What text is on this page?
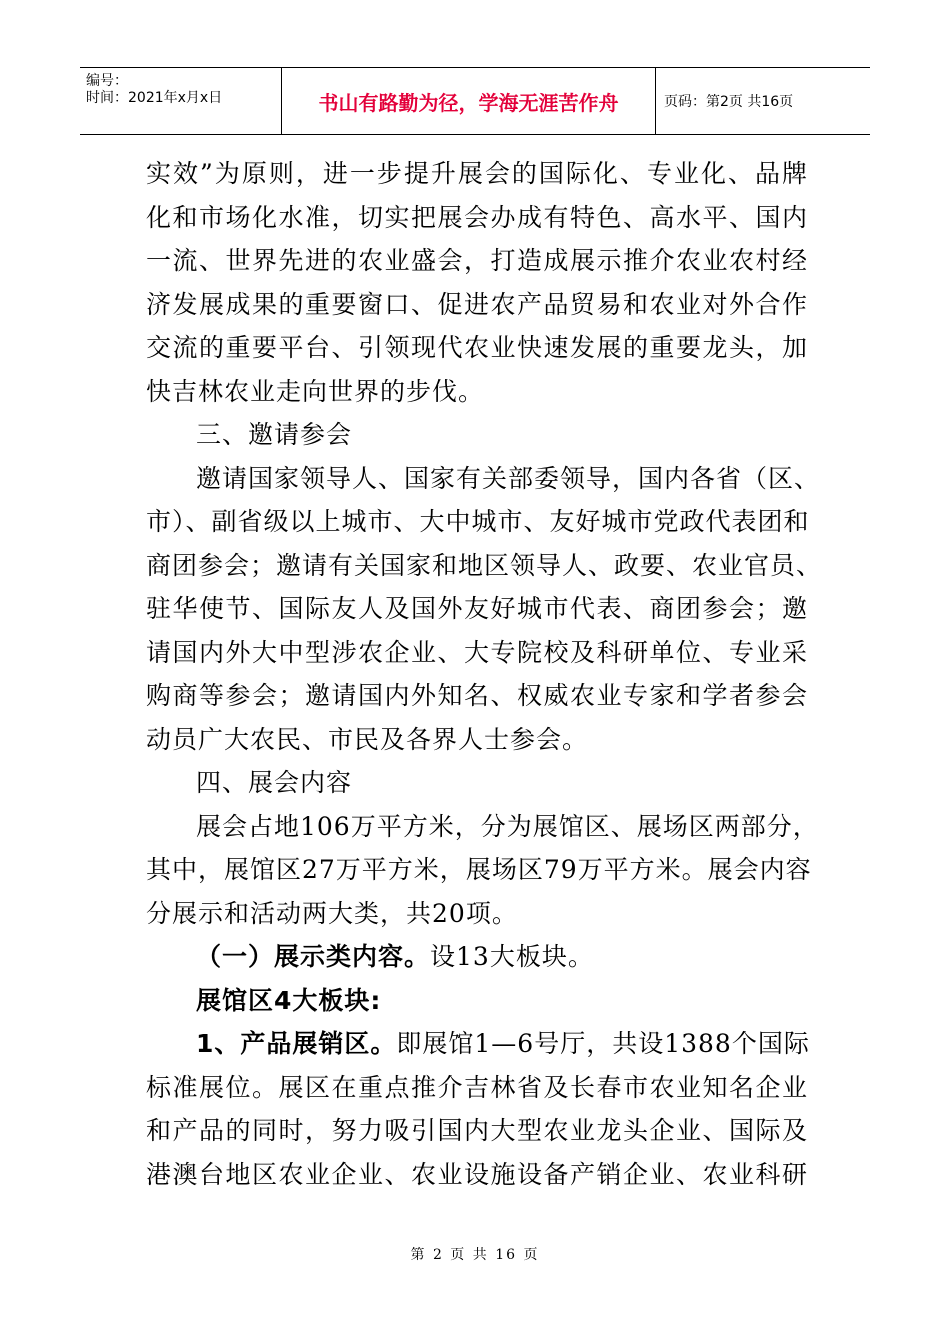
编号：
时间：2021年x月x日	书山有路勤为径，学海无涯苦作舟	页码：第2页 共16页
实效”为原则，进一步提升展会的国际化、专业化、品牌
化和市场化水准，切实把展会办成有特色、高水平、国内
一流、世界先进的农业盛会，打造成展示推介农业农村经
济发展成果的重要窗口、促进农产品贸易和农业对外合作
交流的重要平台、引领现代农业快速发展的重要龙头，加
快吉林农业走向世界的步伐。
三、邀请参会
邀请国家领导人、国家有关部委领导，国内各省（区、
市）、副省级以上城市、大中城市、友好城市党政代表团和
商团参会；邀请有关国家和地区领导人、政要、农业官员、
驻华使节、国际友人及国外友好城市代表、商团参会；邀
请国内外大中型涉农企业、大专院校及科研单位、专业采
购商等参会；邀请国内外知名、权威农业专家和学者参会
动员广大农民、市民及各界人士参会。
四、展会内容
展会占地106万平方米，分为展馆区、展场区两部分，
其中，展馆区27万平方米，展场区79万平方米。展会内容
分展示和活动两大类，共20项。
（一）展示类内容。设13大板块。
展馆区4大板块:
1、产品展销区。即展馆1—6号厅，共设1388个国际
标准展位。展区在重点推介吉林省及长春市农业知名企业
和产品的同时，努力吸引国内大型农业龙头企业、国际及
港澳台地区农业企业、农业设施设备产销企业、农业科研
第 2 页 共 16 页
